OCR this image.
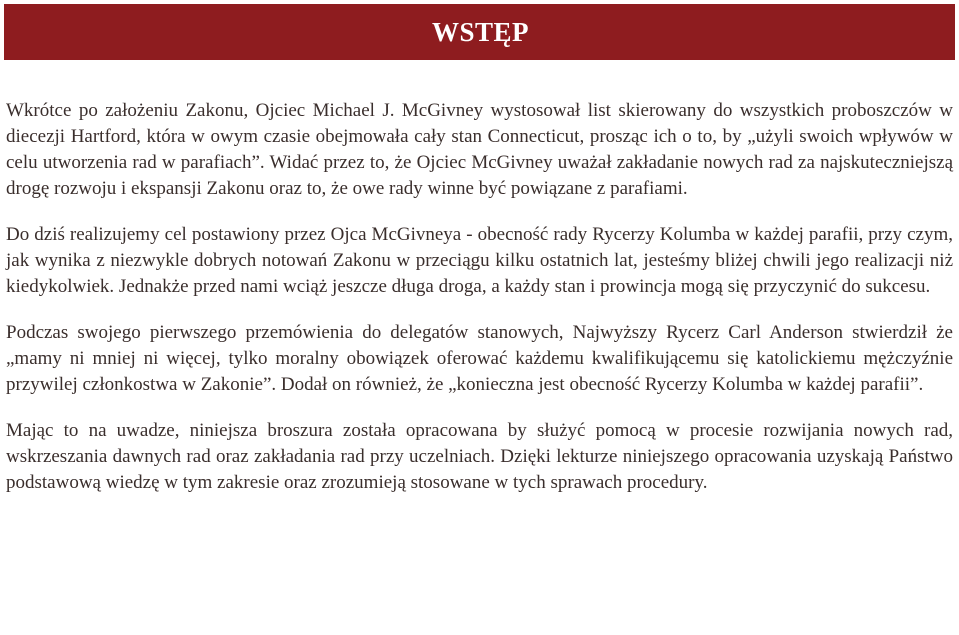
WSTĘP

Wkrótce po założeniu Zakonu, Ojciec Michael J. McGivney wystosował list skierowany do wszystkich proboszczów w diecezji Hartford, która w owym czasie obejmowała cały stan Connecticut, prosząc ich o to, by „użyli swoich wpływów w celu utworzenia rad w parafiach”. Widać przez to, że Ojciec McGivney uważał zakładanie nowych rad za najskuteczniejszą drogę rozwoju i ekspansji Zakonu oraz to, że owe rady winne być powiązane z parafiami.

Do dziś realizujemy cel postawiony przez Ojca McGivneya - obecność rady Rycerzy Kolumba w każdej parafii, przy czym, jak wynika z niezwykle dobrych notowań Zakonu w przeciągu kilku ostatnich lat, jesteśmy bliżej chwili jego realizacji niż kiedykolwiek. Jednakże przed nami wciąż jeszcze długa droga, a każdy stan i prowincja mogą się przyczynić do sukcesu.

Podczas swojego pierwszego przemówienia do delegatów stanowych, Najwyższy Rycerz Carl Anderson stwierdził że „mamy ni mniej ni więcej, tylko moralny obowiązek oferować każdemu kwalifikującemu się katolickiemu mężczyźnie przywilej członkostwa w Zakonie”. Dodał on również, że „konieczna jest obecność Rycerzy Kolumba w każdej parafii”.

Mając to na uwadze, niniejsza broszura została opracowana by służyć pomocą w procesie rozwijania nowych rad, wskrzeszania dawnych rad oraz zakładania rad przy uczelniach. Dzięki lekturze niniejszego opracowania uzyskają Państwo podstawową wiedzę w tym zakresie oraz zrozumieją stosowane w tych sprawach procedury.
